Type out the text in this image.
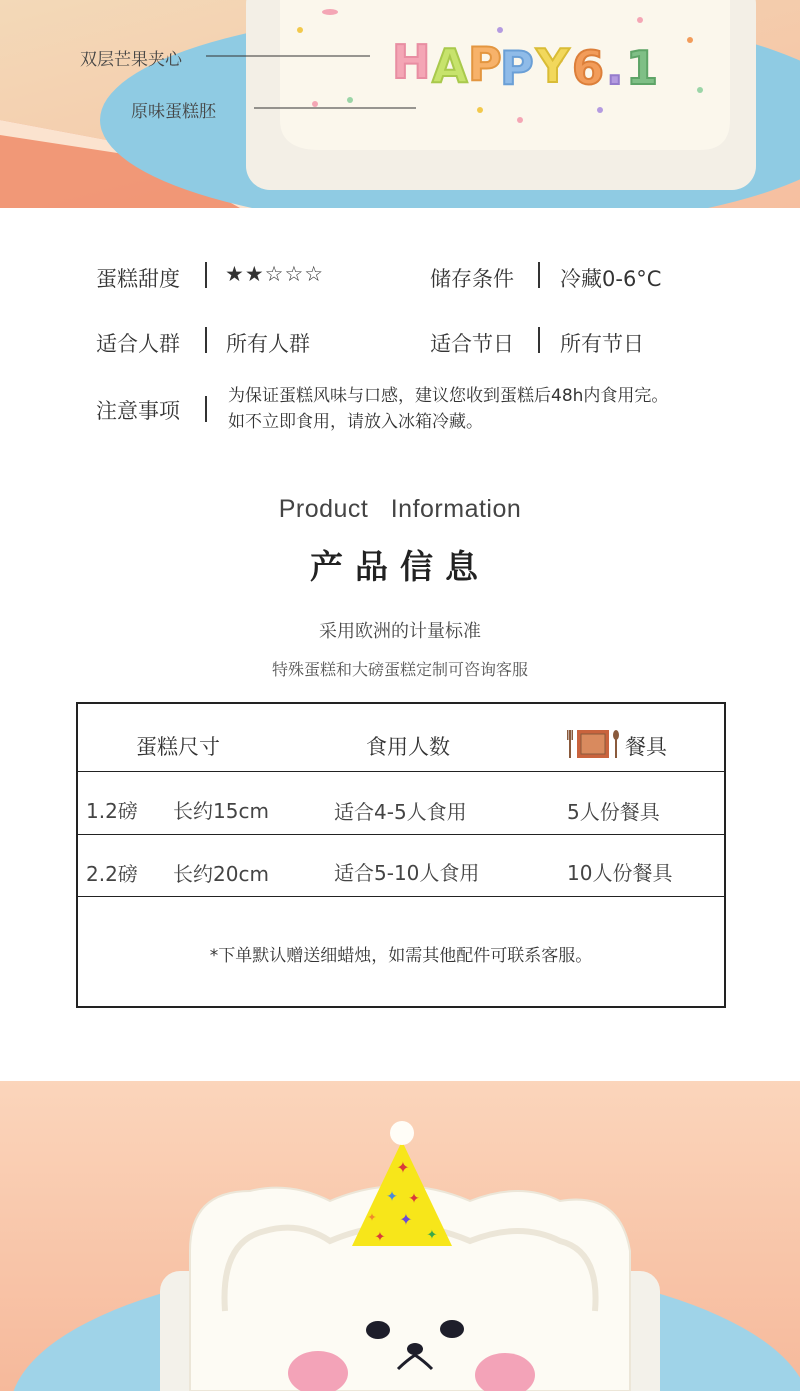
H A P
P Y 6 . 1
双层芒果夹心
原味蛋糕胚
蛋糕甜度 ★★☆☆☆	储存条件 冷藏0-6°C
适合人群 所有人群	适合节日 所有节日
注意事项
为保证蛋糕风味与口感，建议您收到蛋糕后48h内食用完。
如不立即食用，请放入冰箱冷藏。
Product   Information
产品信息
采用欧洲的计量标准
特殊蛋糕和大磅蛋糕定制可咨询客服
蛋糕尺寸	食用人数	餐具
1.2磅 长约15cm	适合4-5人食用	5人份餐具
2.2磅 长约20cm	适合5-10人食用	10人份餐具
*下单默认赠送细蜡烛，如需其他配件可联系客服。
✦
✦ ✦
✦
✦	✦
✦
